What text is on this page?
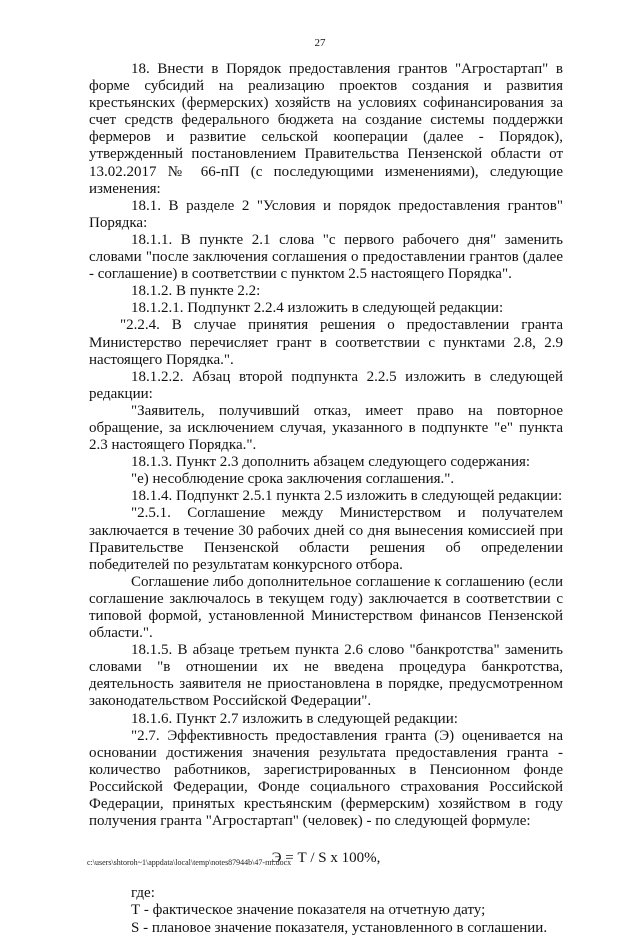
27

18. Внести в Порядок предоставления грантов "Агростартап" в форме субсидий на реализацию проектов создания и развития крестьянских (фермерских) хозяйств на условиях софинансирования за счет средств федерального бюджета на создание системы поддержки фермеров и развитие сельской кооперации (далее - Порядок), утвержденный постановлением Правительства Пензенской области от 13.02.2017 № 66-пП (с последующими изменениями), следующие изменения:

18.1. В разделе 2 "Условия и порядок предоставления грантов" Порядка:

18.1.1. В пункте 2.1 слова "с первого рабочего дня" заменить словами "после заключения соглашения о предоставлении грантов (далее - соглашение) в соответствии с пунктом 2.5 настоящего Порядка".

18.1.2. В пункте 2.2:

18.1.2.1. Подпункт 2.2.4 изложить в следующей редакции:

"2.2.4. В случае принятия решения о предоставлении гранта Министерство перечисляет грант в соответствии с пунктами 2.8, 2.9 настоящего Порядка.".

18.1.2.2. Абзац второй подпункта 2.2.5 изложить в следующей редакции:

"Заявитель, получивший отказ, имеет право на повторное обращение, за исключением случая, указанного в подпункте "е" пункта 2.3 настоящего Порядка.".

18.1.3. Пункт 2.3 дополнить абзацем следующего содержания:

"е) несоблюдение срока заключения соглашения.".

18.1.4. Подпункт 2.5.1 пункта 2.5 изложить в следующей редакции:

"2.5.1. Соглашение между Министерством и получателем заключается в течение 30 рабочих дней со дня вынесения комиссией при Правительстве Пензенской области решения об определении победителей по результатам конкурсного отбора.

Соглашение либо дополнительное соглашение к соглашению (если соглашение заключалось в текущем году) заключается в соответствии с типовой формой, установленной Министерством финансов Пензенской области.".

18.1.5. В абзаце третьем пункта 2.6 слово "банкротства" заменить словами "в отношении их не введена процедура банкротства, деятельность заявителя не приостановлена в порядке, предусмотренном законодательством Российской Федерации".

18.1.6. Пункт 2.7 изложить в следующей редакции:

"2.7. Эффективность предоставления гранта (Э) оценивается на основании достижения значения результата предоставления гранта - количество работников, зарегистрированных в Пенсионном фонде Российской Федерации, Фонде социального страхования Российской Федерации, принятых крестьянским (фермерским) хозяйством в году получения гранта "Агростартап" (человек) - по следующей формуле:

Э = Т / S x 100%,

где:

Т - фактическое значение показателя на отчетную дату;

S - плановое значение показателя, установленного в соглашении.

c:\users\shtoroh~1\appdata\local\temp\notes87944b\47-пп.docx
